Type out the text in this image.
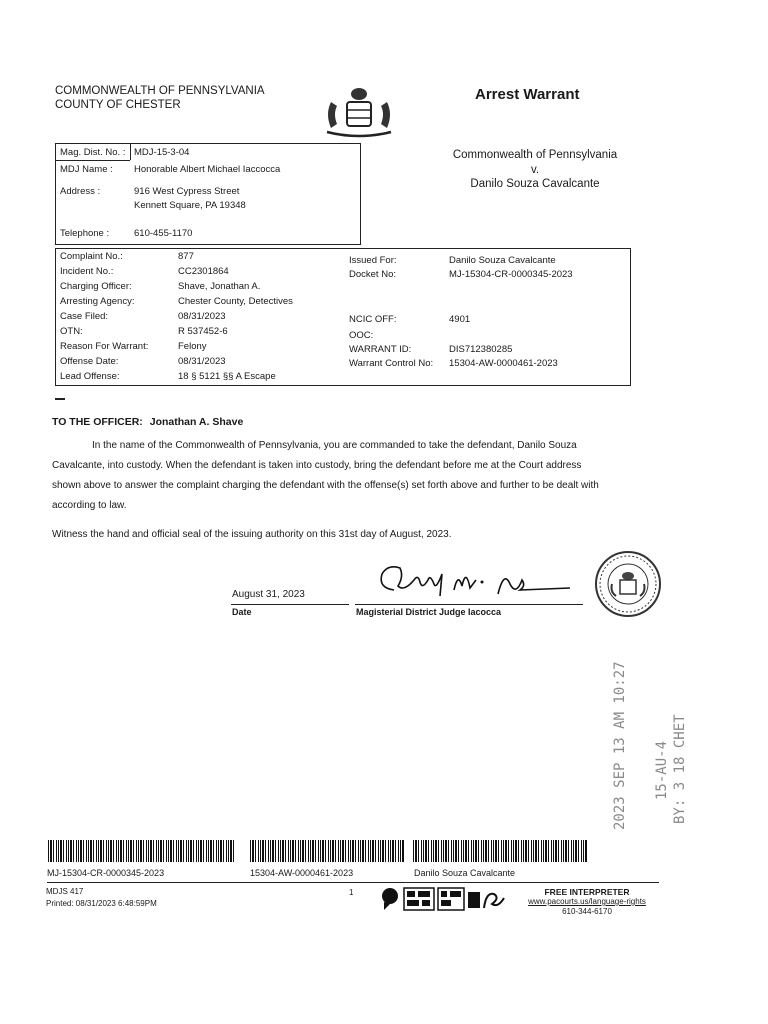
COMMONWEALTH OF PENNSYLVANIA
COUNTY OF CHESTER
Arrest Warrant
Mag. Dist. No. : MDJ-15-3-04
MDJ Name : Honorable Albert Michael Iaccocca
Address :	916 West Cypress Street
Kennett Square, PA 19348
Telephone :	610-455-1170
Commonwealth of Pennsylvania
v.
Danilo Souza Cavalcante
Complaint No.:	877
Incident No.:	CC2301864
Charging Officer:	Shave, Jonathan A.
Arresting Agency:	Chester County, Detectives
Case Filed:	08/31/2023
OTN:	R 537452-6
Reason For Warrant:	Felony
Offense Date:	08/31/2023
Lead Offense:	18 § 5121 §§ A Escape
Issued For:	Danilo Souza Cavalcante
Docket No:	MJ-15304-CR-0000345-2023
NCIC OFF:	4901
OOC:
WARRANT ID:	DIS712380285
Warrant Control No: 15304-AW-0000461-2023
TO THE OFFICER: Jonathan A. Shave
In the name of the Commonwealth of Pennsylvania, you are commanded to take the defendant, Danilo Souza
Cavalcante, into custody. When the defendant is taken into custody, bring the defendant before me at the Court address
shown above to answer the complaint charging the defendant with the offense(s) set forth above and further to be dealt with
according to law.
Witness the hand and official seal of the issuing authority on this 31st day of August, 2023.
August 31, 2023
Date	Magisterial District Judge Iacocca
2023 SEP 13 AM 10:27 15-AU-4 BY: 3 18 CHET
MJ-15304-CR-0000345-2023	15304-AW-0000461-2023	Danilo Souza Cavalcante
MDJS 417
Printed: 08/31/2023 6:48:59PM
1	FREE INTERPRETER
www.pacourts.us/language-rights
610-344-6170
